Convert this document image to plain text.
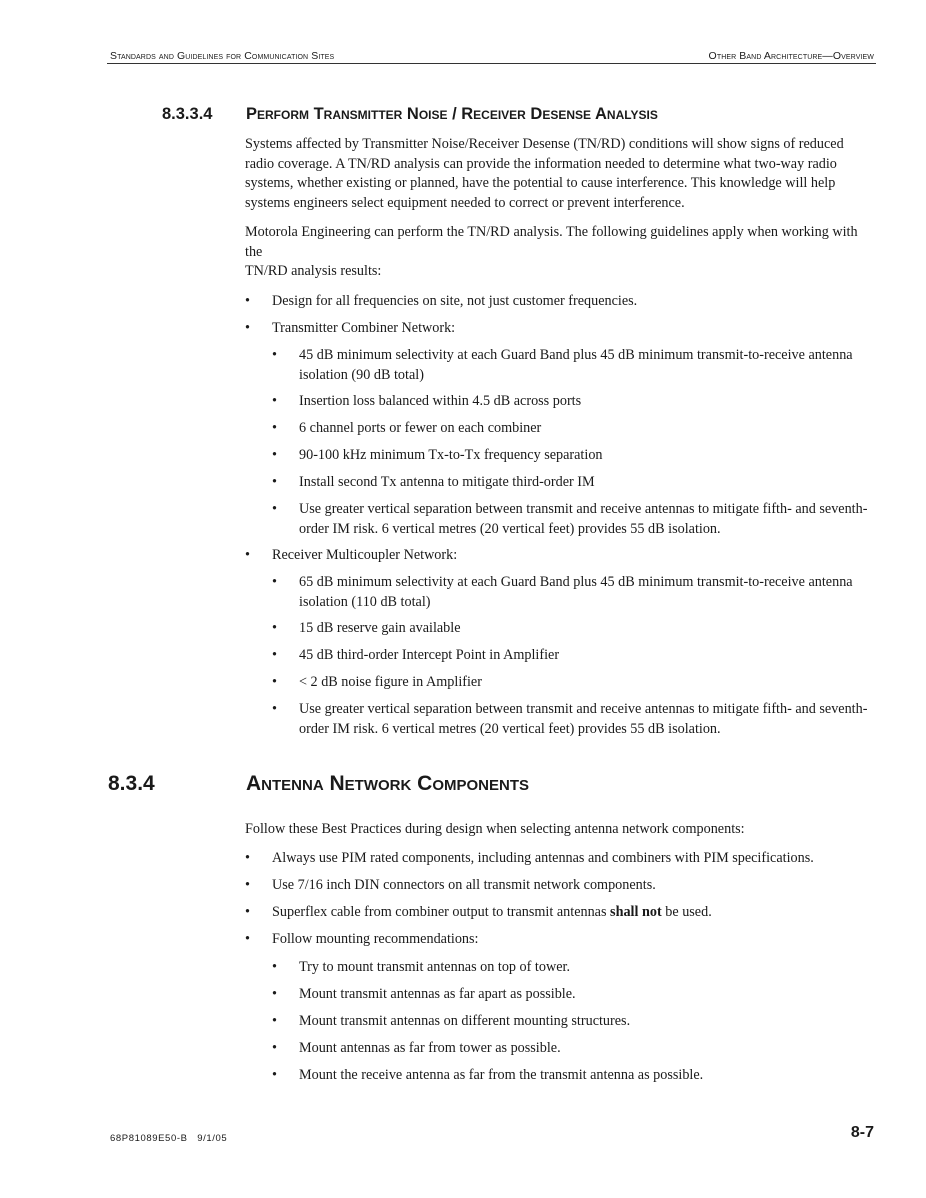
Standards and Guidelines for Communication Sites	Other Band Architecture—Overview
8.3.3.4 Perform Transmitter Noise / Receiver Desense Analysis

Systems affected by Transmitter Noise/Receiver Desense (TN/RD) conditions will show signs of reduced radio coverage. A TN/RD analysis can provide the information needed to determine what two-way radio systems, whether existing or planned, have the potential to cause interference. This knowledge will help systems engineers select equipment needed to correct or prevent interference.

Motorola Engineering can perform the TN/RD analysis. The following guidelines apply when working with the
TN/RD analysis results:
•	Design for all frequencies on site, not just customer frequencies.
•	Transmitter Combiner Network:
•	45 dB minimum selectivity at each Guard Band plus 45 dB minimum transmit-to-receive antenna isolation (90 dB total)
•	Insertion loss balanced within 4.5 dB across ports
•	6 channel ports or fewer on each combiner
•	90-100 kHz minimum Tx-to-Tx frequency separation
•	Install second Tx antenna to mitigate third-order IM
•	Use greater vertical separation between transmit and receive antennas to mitigate fifth- and seventh-order IM risk. 6 vertical metres (20 vertical feet) provides 55 dB isolation.
•	Receiver Multicoupler Network:
•	65 dB minimum selectivity at each Guard Band plus 45 dB minimum transmit-to-receive antenna isolation (110 dB total)
•	15 dB reserve gain available
•	45 dB third-order Intercept Point in Amplifier
•	< 2 dB noise figure in Amplifier
•	Use greater vertical separation between transmit and receive antennas to mitigate fifth- and seventh-order IM risk. 6 vertical metres (20 vertical feet) provides 55 dB isolation.
8.3.4	Antenna Network Components

Follow these Best Practices during design when selecting antenna network components:

•	Always use PIM rated components, including antennas and combiners with PIM specifications.
•	Use 7/16 inch DIN connectors on all transmit network components.
•	Superflex cable from combiner output to transmit antennas shall not be used.
•	Follow mounting recommendations:
•	Try to mount transmit antennas on top of tower.
•	Mount transmit antennas as far apart as possible.
•	Mount transmit antennas on different mounting structures.
•	Mount antennas as far from tower as possible.
•	Mount the receive antenna as far from the transmit antenna as possible.
68P81089E50-B   9/1/05	8-7
